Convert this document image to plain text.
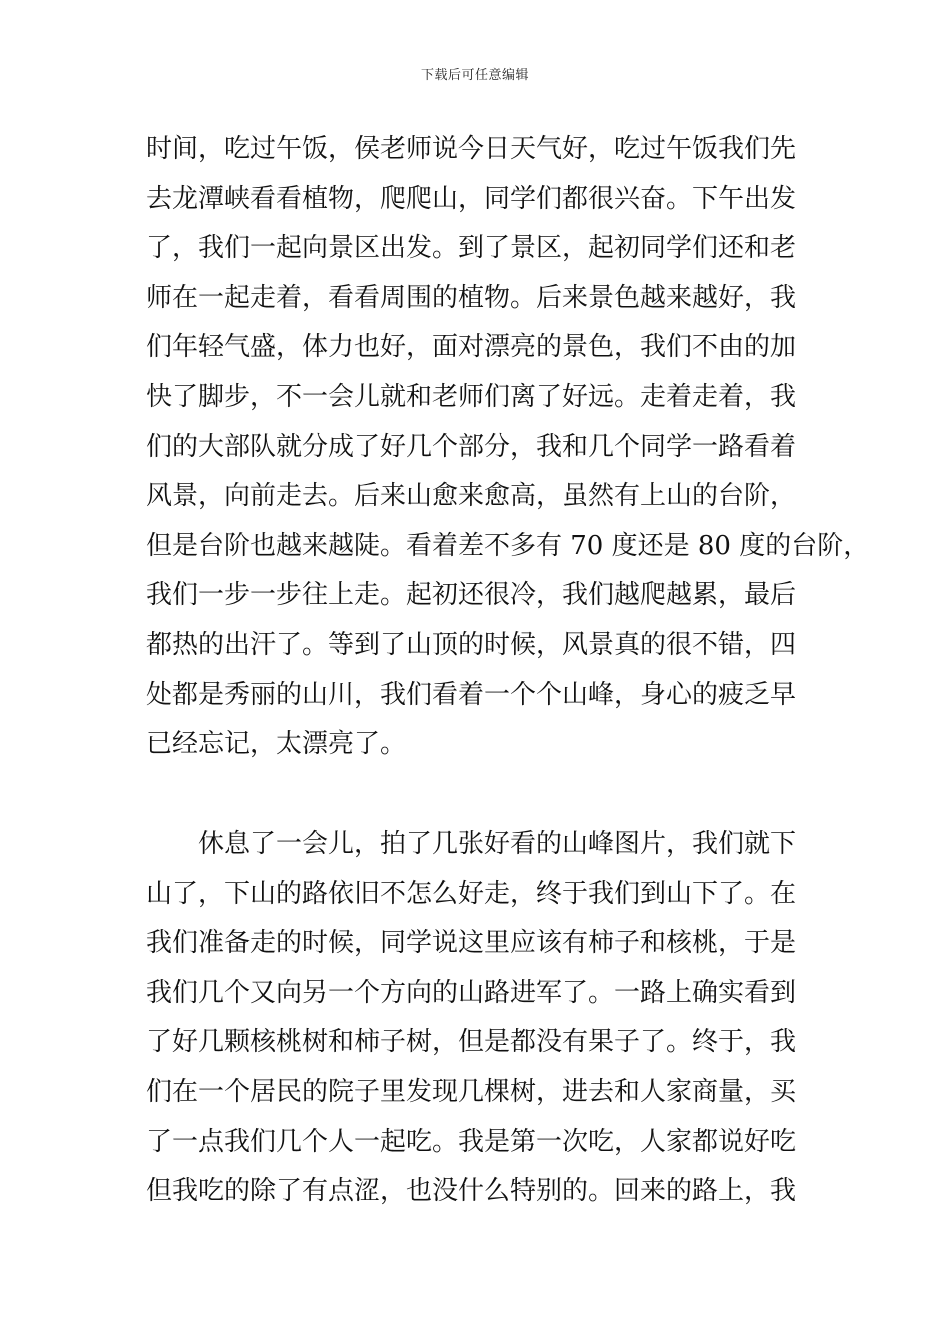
下载后可任意编辑
时间，吃过午饭，侯老师说今日天气好，吃过午饭我们先
去龙潭峡看看植物，爬爬山，同学们都很兴奋。下午出发
了，我们一起向景区出发。到了景区，起初同学们还和老
师在一起走着，看看周围的植物。后来景色越来越好，我
们年轻气盛，体力也好，面对漂亮的景色，我们不由的加
快了脚步，不一会儿就和老师们离了好远。走着走着，我
们的大部队就分成了好几个部分，我和几个同学一路看着
风景，向前走去。后来山愈来愈高，虽然有上山的台阶，
但是台阶也越来越陡。看着差不多有 70 度还是 80 度的台阶，
我们一步一步往上走。起初还很冷，我们越爬越累，最后
都热的出汗了。等到了山顶的时候，风景真的很不错，四
处都是秀丽的山川，我们看着一个个山峰，身心的疲乏早
已经忘记，太漂亮了。
　　休息了一会儿，拍了几张好看的山峰图片，我们就下
山了，下山的路依旧不怎么好走，终于我们到山下了。在
我们准备走的时候，同学说这里应该有柿子和核桃，于是
我们几个又向另一个方向的山路进军了。一路上确实看到
了好几颗核桃树和柿子树，但是都没有果子了。终于，我
们在一个居民的院子里发现几棵树，进去和人家商量，买
了一点我们几个人一起吃。我是第一次吃，人家都说好吃
但我吃的除了有点涩，也没什么特别的。回来的路上，我
